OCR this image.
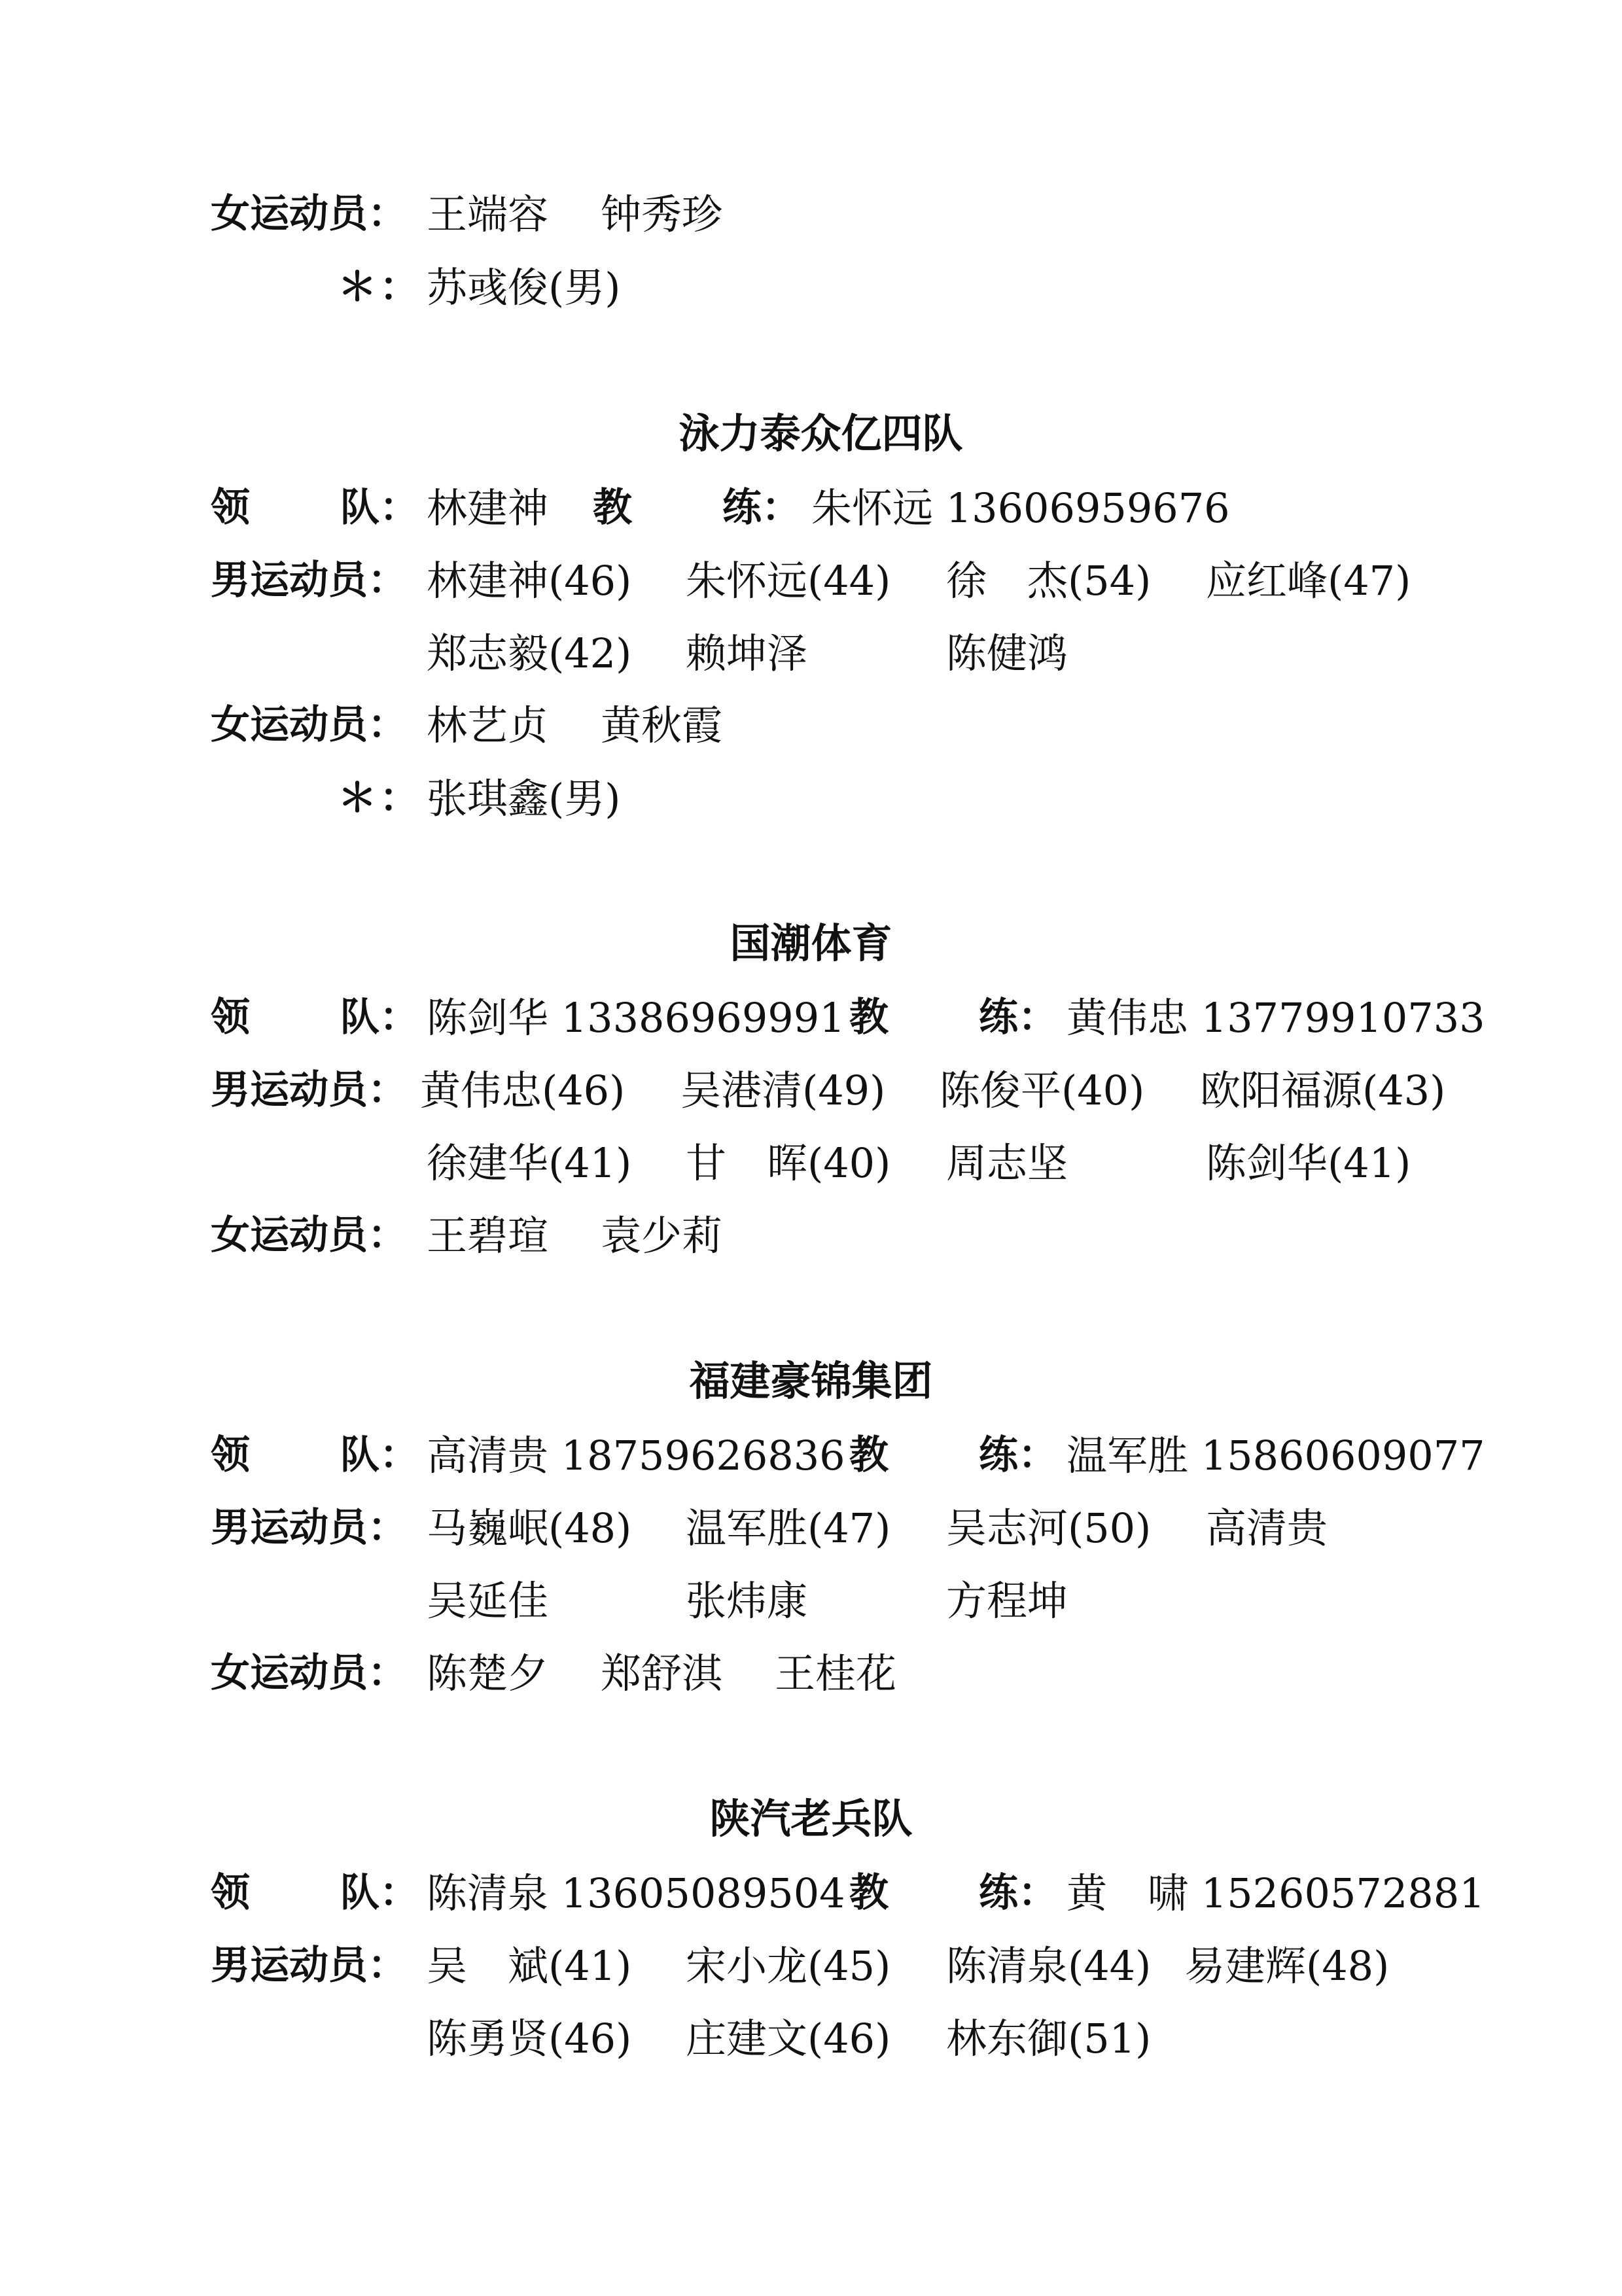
女运动员： 王端容 钟秀珍
＊ ： 苏彧俊(男)
泳力泰众亿四队
领 队： 林建神 教 练： 朱怀远 13606959676
男运动员： 林建神(46) 朱怀远(44) 徐　杰(54) 应红峰(47)
郑志毅(42) 赖坤泽	陈健鸿
女运动员： 林艺贞 黄秋霞
＊ ： 张琪鑫(男)
国潮体育
领 队： 陈剑华 13386969991 教 练： 黄伟忠 13779910733
男运动员： 黄伟忠(46) 吴港清(49) 陈俊平(40) 欧阳福源(43)
徐建华(41) 甘　晖(40) 周志坚	陈剑华(41)
女运动员： 王碧瑄 袁少莉
福建豪锦集团
领 队： 高清贵 18759626836 教 练： 温军胜 15860609077
男运动员： 马巍岷(48) 温军胜(47) 吴志河(50) 高清贵
吴延佳	张炜康	方程坤
女运动员： 陈楚夕 郑舒淇 王桂花
陕汽老兵队
领 队： 陈清泉 13605089504 教 练： 黄　啸 15260572881
男运动员： 吴　斌(41) 宋小龙(45) 陈清泉(44) 易建辉(48)
陈勇贤(46) 庄建文(46) 林东御(51)
